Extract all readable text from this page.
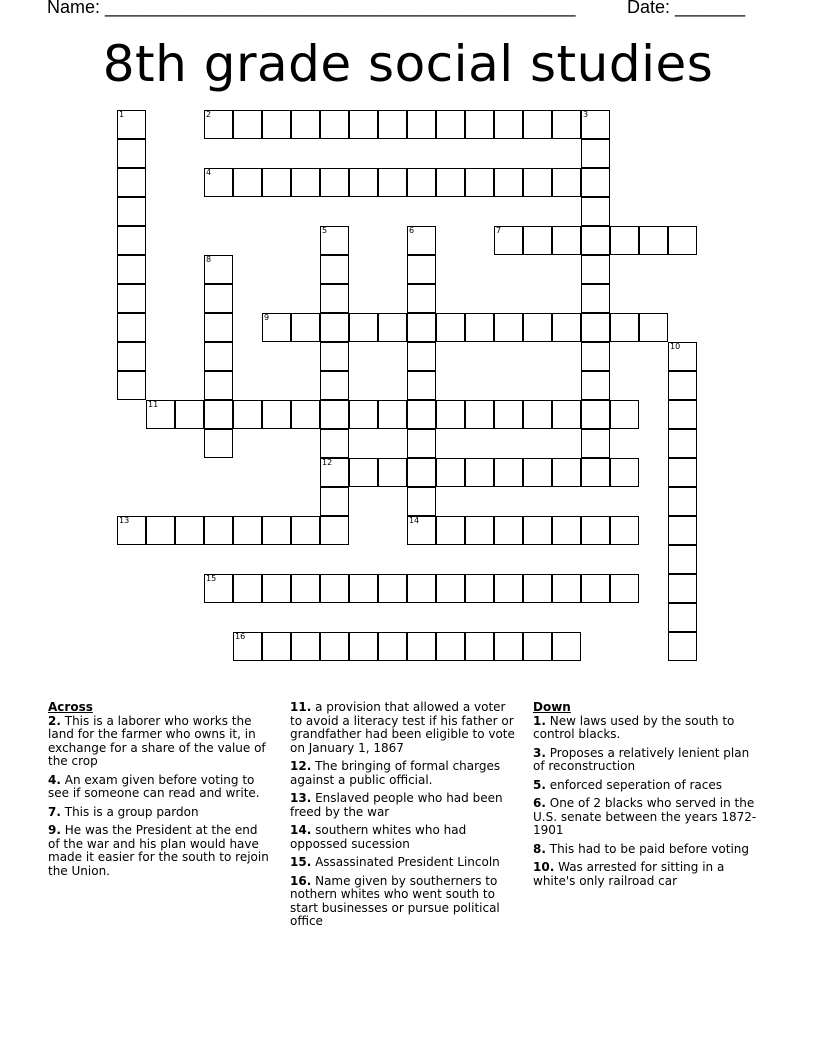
Name: _______________________________________________	Date: _______
8th grade social studies
2
4
7
9
11
12
13	14
15
16
1	3
5	6
8
10
Across
2. This is a laborer who works the land for the farmer who owns it, in exchange for a share of the value of the crop
4. An exam given before voting to see if someone can read and write.
7. This is a group pardon
9. He was the President at the end of the war and his plan would have made it easier for the south to rejoin the Union.
11. a provision that allowed a voter to avoid a literacy test if his father or grandfather had been eligible to vote on January 1, 1867
12. The bringing of formal charges against a public official.
13. Enslaved people who had been freed by the war
14. southern whites who had oppossed sucession
15. Assassinated President Lincoln
16. Name given by southerners to nothern whites who went south to start businesses or pursue political office
Down
1. New laws used by the south to control blacks.
3. Proposes a relatively lenient plan of reconstruction
5. enforced seperation of races
6. One of 2 blacks who served in the U.S. senate between the years 1872-1901
8. This had to be paid before voting
10. Was arrested for sitting in a white's only railroad car
